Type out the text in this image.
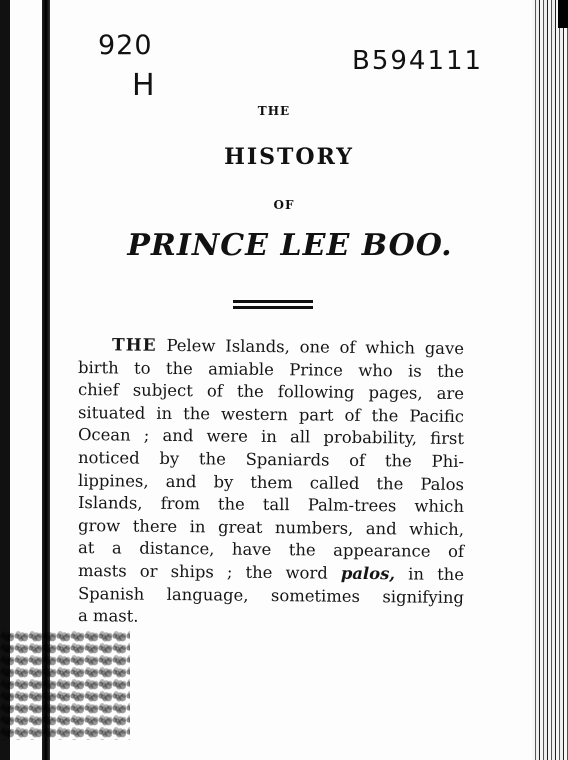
920
H
B594111
THE
HISTORY
OF
PRINCE LEE BOO.
THE Pelew Islands, one of which gave
birth to the amiable Prince who is the
chief subject of the following pages, are
situated in the western part of the Pacific
Ocean ; and were in all probability, first
noticed by the Spaniards of the Phi-
lippines, and by them called the Palos
Islands, from the tall Palm-trees which
grow there in great numbers, and which,
at a distance, have the appearance of
masts or ships ; the word palos, in the
Spanish language, sometimes signifying
a mast.
